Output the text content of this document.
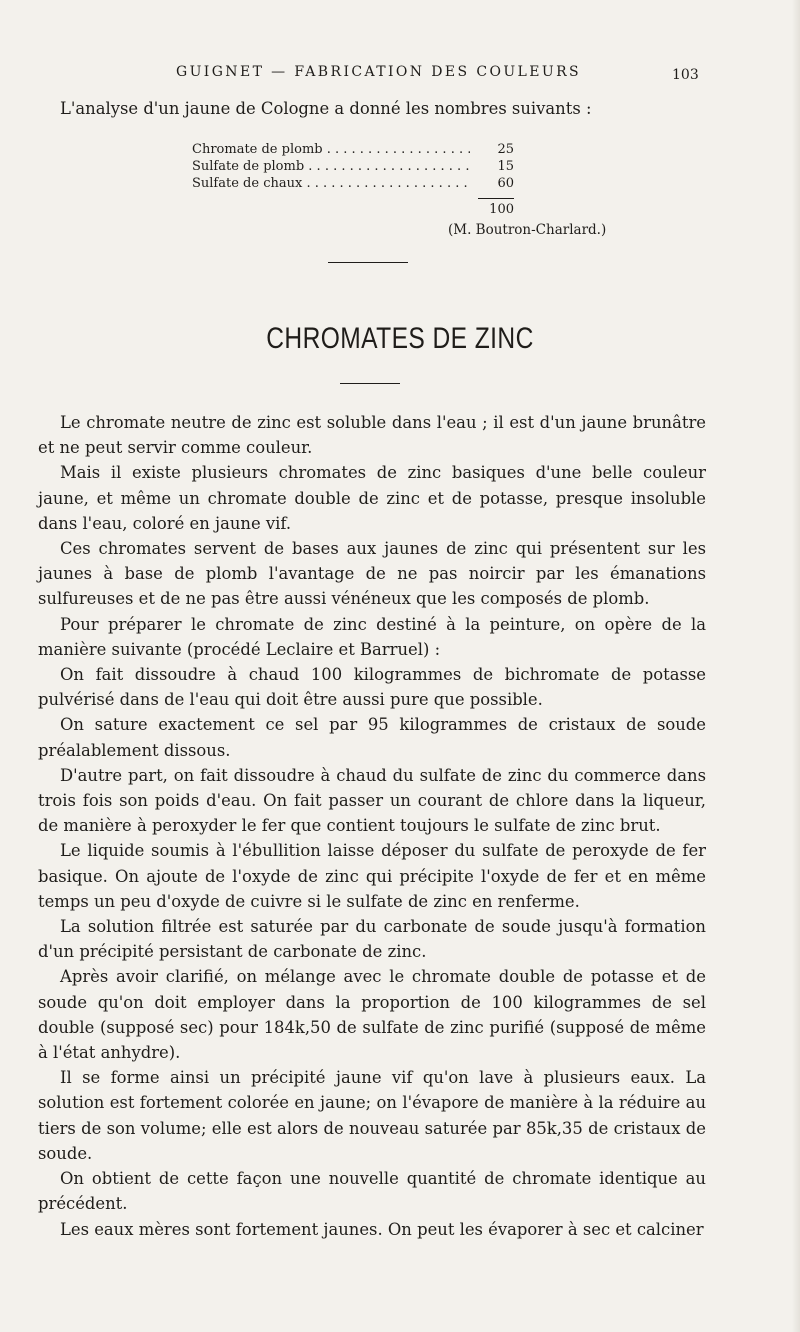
GUIGNET — FABRICATION DES COULEURS	103

L'analyse d'un jaune de Cologne a donné les nombres suivants :

Chromate de plomb . . .	25
Sulfate de plomb . . .	15
Sulfate de chaux . . .	60
100
(M. Boutron-Charlard.)
CHROMATES DE ZINC

Le chromate neutre de zinc est soluble dans l'eau ; il est d'un jaune brunâtre et ne peut servir comme couleur.

Mais il existe plusieurs chromates de zinc basiques d'une belle couleur jaune, et même un chromate double de zinc et de potasse, presque insoluble dans l'eau, coloré en jaune vif.

Ces chromates servent de bases aux jaunes de zinc qui présentent sur les jaunes à base de plomb l'avantage de ne pas noircir par les émanations sulfureuses et de ne pas être aussi vénéneux que les composés de plomb.

Pour préparer le chromate de zinc destiné à la peinture, on opère de la manière suivante (procédé Leclaire et Barruel) :

On fait dissoudre à chaud 100 kilogrammes de bichromate de potasse pulvérisé dans de l'eau qui doit être aussi pure que possible.

On sature exactement ce sel par 95 kilogrammes de cristaux de soude préalablement dissous.

D'autre part, on fait dissoudre à chaud du sulfate de zinc du commerce dans trois fois son poids d'eau. On fait passer un courant de chlore dans la liqueur, de manière à peroxyder le fer que contient toujours le sulfate de zinc brut.

Le liquide soumis à l'ébullition laisse déposer du sulfate de peroxyde de fer basique. On ajoute de l'oxyde de zinc qui précipite l'oxyde de fer et en même temps un peu d'oxyde de cuivre si le sulfate de zinc en renferme.

La solution filtrée est saturée par du carbonate de soude jusqu'à formation d'un précipité persistant de carbonate de zinc.

Après avoir clarifié, on mélange avec le chromate double de potasse et de soude qu'on doit employer dans la proportion de 100 kilogrammes de sel double (supposé sec) pour 184k,50 de sulfate de zinc purifié (supposé de même à l'état anhydre).

Il se forme ainsi un précipité jaune vif qu'on lave à plusieurs eaux. La solution est fortement colorée en jaune; on l'évapore de manière à la réduire au tiers de son volume; elle est alors de nouveau saturée par 85k,35 de cristaux de soude.

On obtient de cette façon une nouvelle quantité de chromate identique au précédent.

Les eaux mères sont fortement jaunes. On peut les évaporer à sec et calciner
